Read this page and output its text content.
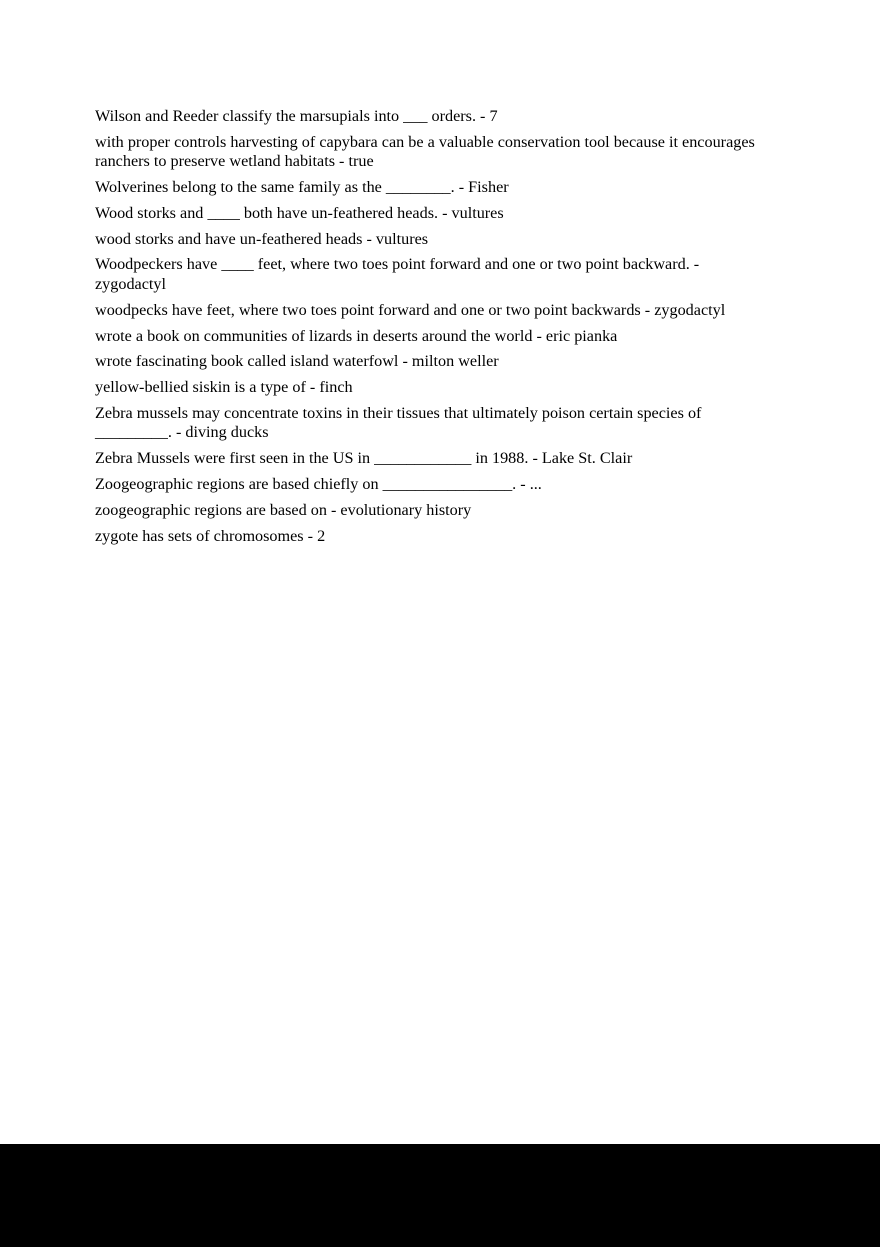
Wilson and Reeder classify the marsupials into ___ orders. - 7
with proper controls harvesting of capybara can be a valuable conservation tool because it encourages ranchers to preserve wetland habitats - true
Wolverines belong to the same family as the ________. - Fisher
Wood storks and ____ both have un-feathered heads. - vultures
wood storks and have un-feathered heads - vultures
Woodpeckers have ____ feet, where two toes point forward and one or two point backward. - zygodactyl
woodpecks have feet, where two toes point forward and one or two point backwards - zygodactyl
wrote a book on communities of lizards in deserts around the world - eric pianka
wrote fascinating book called island waterfowl - milton weller
yellow-bellied siskin is a type of - finch
Zebra mussels may concentrate toxins in their tissues that ultimately poison certain species of _________. - diving ducks
Zebra Mussels were first seen in the US in ____________ in 1988. - Lake St. Clair
Zoogeographic regions are based chiefly on ________________. - ...
zoogeographic regions are based on - evolutionary history
zygote has sets of chromosomes - 2
